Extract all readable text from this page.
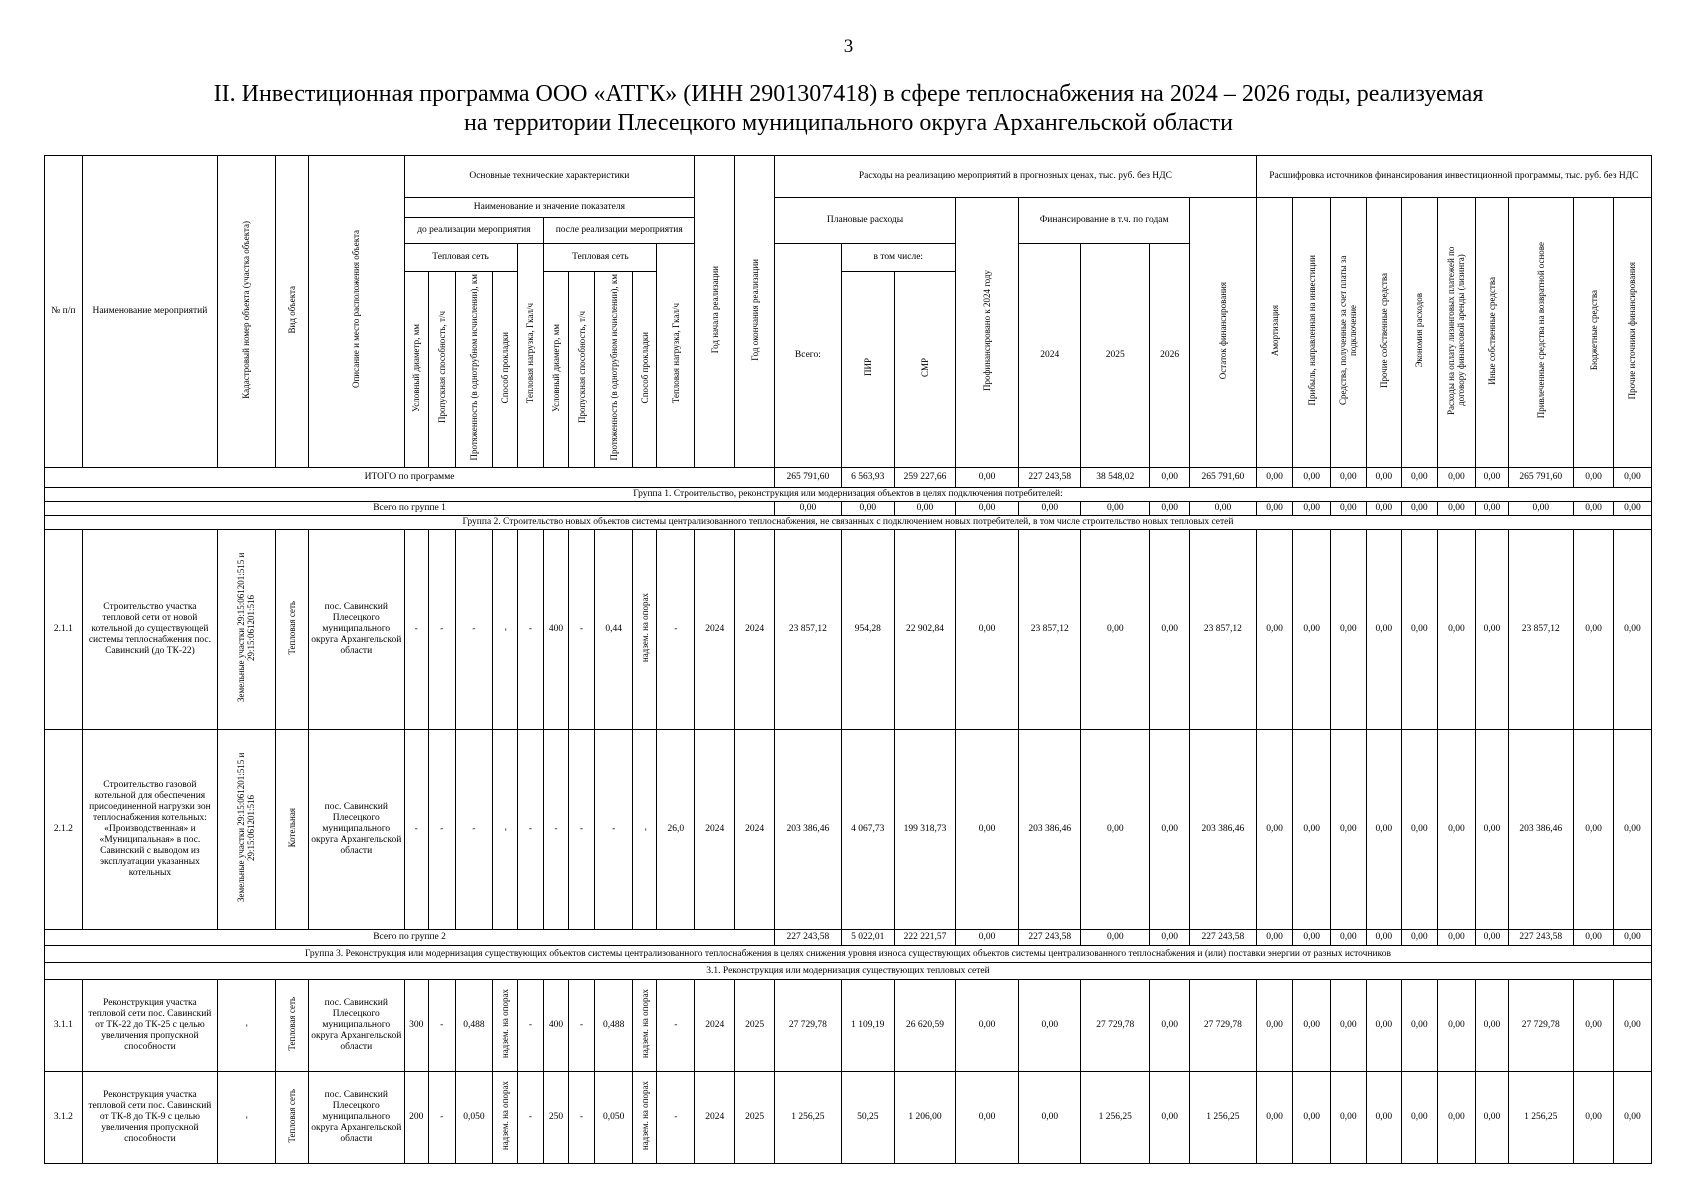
3
II. Инвестиционная программа ООО «АТГК» (ИНН 2901307418) в сфере теплоснабжения на 2024 – 2026 годы, реализуемая
на территории Плесецкого муниципального округа Архангельской области
№ п/п	Наименование мероприятий	Кадастровый номер объекта (участка объекта)	Вид объекта	Описание и место расположения объекта	Основные технические характеристики										Год начала реализации	Год окончания реализации	Расходы на реализацию мероприятий в прогнозных ценах, тыс. руб. без НДС								Расшифровка источников финансирования инвестиционной программы, тыс. руб. без НДС									
					Наименование и значение показателя												Плановые расходы			Профинансировано к 2024 году	Финансирование в т.ч. по годам			Остаток финансирования	Амортизация	Прибыль, направленная на инвестиции	Средства, полученные за счет платы за подключение	Прочие собственные средства	Экономия расходов	Расходы на оплату лизинговых платежей по договору финансовой аренды (лизинга)	Иные собственные средства	Привлеченные средства на возвратной основе	Бюджетные средства	Прочие источники финансирования
					до реализации мероприятия					после реализации мероприятия																								
					Тепловая сеть				Тепловая нагрузка, Гкал/ч	Тепловая сеть				Тепловая нагрузка, Гкал/ч			Всего:	в том числе:			2024	2025	2026											
					Условный диаметр, мм	Пропускная способность, т/ч	Протяженность (в однотрубном исчислении), км	Способ прокладки		Условный диаметр, мм	Пропускная способность, т/ч	Протяженность (в однотрубном исчислении), км	Способ прокладки					ПИР	СМР															
ИТОГО по программе																	265 791,60	6 563,93	259 227,66	0,00	227 243,58	38 548,02	0,00	265 791,60	0,00	0,00	0,00	0,00	0,00	0,00	0,00	265 791,60	0,00	0,00
Группа 1. Строительство, реконструкция или модернизация объектов в целях подключения потребителей:																																		
Всего по группе 1																	0,00	0,00	0,00	0,00	0,00	0,00	0,00	0,00	0,00	0,00	0,00	0,00	0,00	0,00	0,00	0,00	0,00	0,00
Группа 2. Строительство новых объектов системы централизованного теплоснабжения, не связанных с подключением новых потребителей, в том числе строительство новых тепловых сетей																																		
2.1.1	Строительство участка тепловой сети от новой котельной до существующей системы теплоснабжения пос. Савинский (до ТК-22)	Земельные участки 29:15:061201:515 и 29:15:061201:516	Тепловая сеть	пос. Савинский Плесецкого муниципального округа Архангельской области	-	-	-	-	-	400	-	0,44	надзем. на опорах	-	2024	2024	23 857,12	954,28	22 902,84	0,00	23 857,12	0,00	0,00	23 857,12	0,00	0,00	0,00	0,00	0,00	0,00	0,00	23 857,12	0,00	0,00
2.1.2	Строительство газовой котельной для обеспечения присоединенной нагрузки зон теплоснабжения котельных: «Производственная» и «Муниципальная» в пос. Савинский с выводом из эксплуатации указанных котельных	Земельные участки 29:15:061201:515 и 29:15:061201:516	Котельная	пос. Савинский Плесецкого муниципального округа Архангельской области	-	-	-	-	-	-	-	-	-	26,0	2024	2024	203 386,46	4 067,73	199 318,73	0,00	203 386,46	0,00	0,00	203 386,46	0,00	0,00	0,00	0,00	0,00	0,00	0,00	203 386,46	0,00	0,00
Всего по группе 2																	227 243,58	5 022,01	222 221,57	0,00	227 243,58	0,00	0,00	227 243,58	0,00	0,00	0,00	0,00	0,00	0,00	0,00	227 243,58	0,00	0,00
Группа 3. Реконструкция или модернизация существующих объектов системы централизованного теплоснабжения в целях снижения уровня износа существующих объектов системы централизованного теплоснабжения и (или) поставки энергии от разных источников																																		
3.1. Реконструкция или модернизация существующих тепловых сетей																																		
3.1.1	Реконструкция участка тепловой сети пос. Савинский от ТК-22 до ТК-25 с целью увеличения пропускной способности	-	Тепловая сеть	пос. Савинский Плесецкого муниципального округа Архангельской области	300	-	0,488	надзем. на опорах	-	400	-	0,488	надзем. на опорах	-	2024	2025	27 729,78	1 109,19	26 620,59	0,00	0,00	27 729,78	0,00	27 729,78	0,00	0,00	0,00	0,00	0,00	0,00	0,00	27 729,78	0,00	0,00
3.1.2	Реконструкция участка тепловой сети пос. Савинский от ТК-8 до ТК-9 с целью увеличения пропускной способности	-	Тепловая сеть	пос. Савинский Плесецкого муниципального округа Архангельской области	200	-	0,050	надзем. на опорах	-	250	-	0,050	надзем. на опорах	-	2024	2025	1 256,25	50,25	1 206,00	0,00	0,00	1 256,25	0,00	1 256,25	0,00	0,00	0,00	0,00	0,00	0,00	0,00	1 256,25	0,00	0,00
